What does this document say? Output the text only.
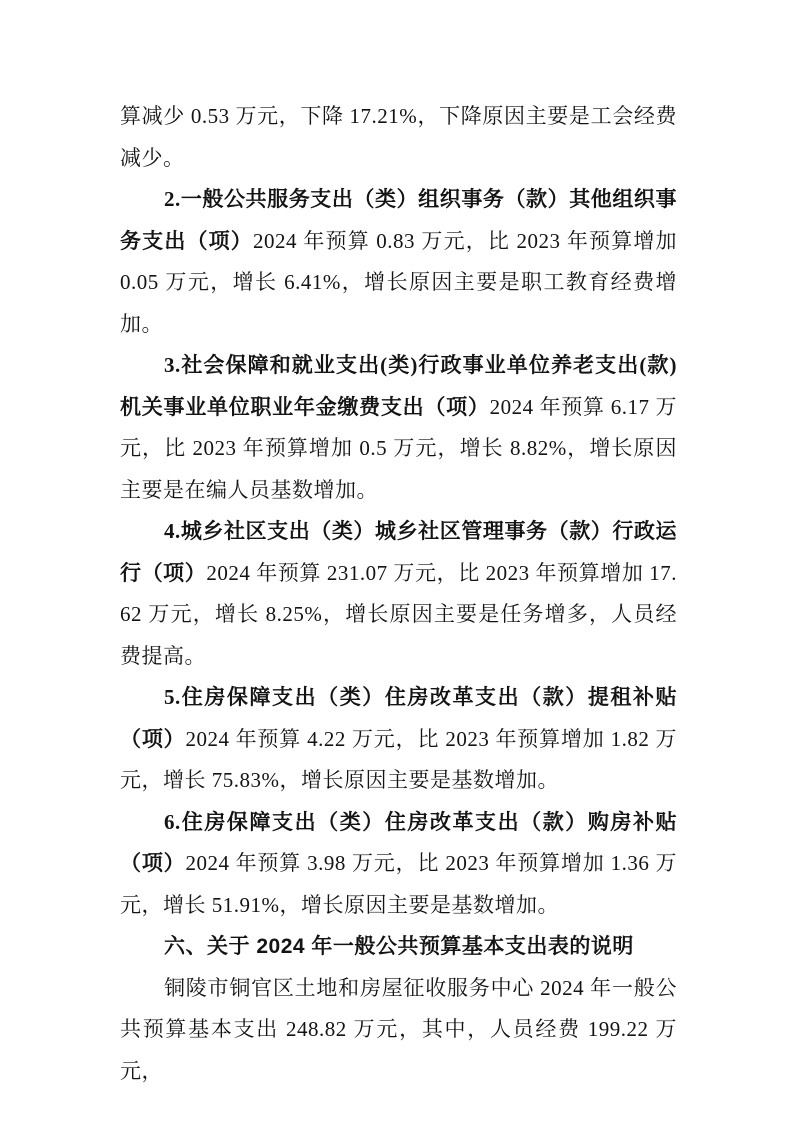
算减少 0.53 万元，下降 17.21%，下降原因主要是工会经费减少。

2.一般公共服务支出（类）组织事务（款）其他组织事务支出（项）2024 年预算 0.83 万元，比 2023 年预算增加 0.05 万元，增长 6.41%，增长原因主要是职工教育经费增加。

3.社会保障和就业支出(类)行政事业单位养老支出(款)机关事业单位职业年金缴费支出（项）2024 年预算 6.17 万元，比 2023 年预算增加 0.5 万元，增长 8.82%，增长原因主要是在编人员基数增加。

4.城乡社区支出（类）城乡社区管理事务（款）行政运行（项）2024 年预算 231.07 万元，比 2023 年预算增加 17.62 万元，增长 8.25%，增长原因主要是任务增多，人员经费提高。

5.住房保障支出（类）住房改革支出（款）提租补贴（项）2024 年预算 4.22 万元，比 2023 年预算增加 1.82 万元，增长 75.83%，增长原因主要是基数增加。

6.住房保障支出（类）住房改革支出（款）购房补贴（项）2024 年预算 3.98 万元，比 2023 年预算增加 1.36 万元，增长 51.91%，增长原因主要是基数增加。

六、关于 2024 年一般公共预算基本支出表的说明

铜陵市铜官区土地和房屋征收服务中心 2024 年一般公共预算基本支出 248.82 万元，其中，人员经费 199.22 万元，
